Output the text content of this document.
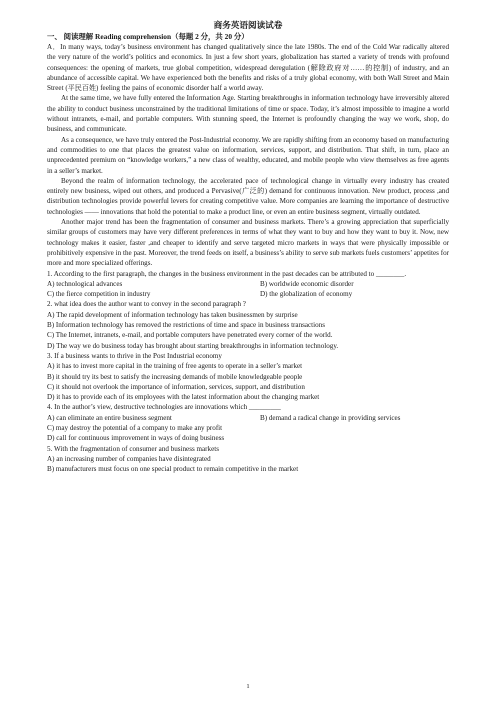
商务英语阅读试卷
一、 阅读理解 Reading comprehension（每题 2 分，共 20 分）

A．In many ways, today’s business environment has changed qualitatively since the late 1980s. The end of the Cold War radically altered the very nature of the world’s politics and economics. In just a few short years, globalization has started a variety of trends with profound consequences: the opening of markets, true global competition, widespread deregulation (解除政府对……的控制) of industry, and an abundance of accessible capital. We have experienced both the benefits and risks of a truly global economy, with both Wall Street and Main Street (平民百姓) feeling the pains of economic disorder half a world away.

At the same time, we have fully entered the Information Age. Starting breakthroughs in information technology have irreversibly altered the ability to conduct business unconstrained by the traditional limitations of time or space. Today, it’s almost impossible to imagine a world without intranets, e-mail, and portable computers. With stunning speed, the Internet is profoundly changing the way we work, shop, do business, and communicate.

As a consequence, we have truly entered the Post-Industrial economy. We are rapidly shifting from an economy based on manufacturing and commodities to one that places the greatest value on information, services, support, and distribution. That shift, in turn, place an unprecedented premium on “knowledge workers,” a new class of wealthy, educated, and mobile people who view themselves as free agents in a seller’s market.

Beyond the realm of information technology, the accelerated pace of technological change in virtually every industry has created entirely new business, wiped out others, and produced a Pervasive(广泛的) demand for continuous innovation. New product, process ,and distribution technologies provide powerful levers for creating competitive value. More companies are learning the importance of destructive technologies —— innovations that hold the potential to make a product line, or even an entire business segment, virtually outdated.

Another major trend has been the fragmentation of consumer and business markets. There’s a growing appreciation that superficially similar groups of customers may have very different preferences in terms of what they want to buy and how they want to buy it. Now, new technology makes it easier, faster ,and cheaper to identify and serve targeted micro markets in ways that were physically impossible or prohibitively expensive in the past. Moreover, the trend feeds on itself, a business’s ability to serve sub markets fuels customers’ appetites for more and more specialized offerings.

1. According to the first paragraph, the changes in the business environment in the past decades can be attributed to ________.

A) technological advances	B) worldwide economic disorder
C) the fierce competition in industry	D) the globalization of economy

2. what idea does the author want to convey in the second paragraph ?

A) The rapid development of information technology has taken businessmen by surprise

B) Information technology has removed the restrictions of time and space in business transactions

C) The Internet, intranets, e-mail, and portable computers have penetrated every corner of the world.

D) The way we do business today has brought about starting breakthroughs in information technology.

3. If a business wants to thrive in the Post Industrial economy

A) it has to invest more capital in the training of free agents to operate in a seller’s market

B) it should try its best to satisfy the increasing demands of mobile knowledgeable people

C) it should not overlook the importance of information, services, support, and distribution

D) it has to provide each of its employees with the latest information about the changing market

4. In the author’s view, destructive technologies are innovations which _________

A) can eliminate an entire business segment	B) demand a radical change in providing services

C) may destroy the potential of a company to make any profit

D) call for continuous improvement in ways of doing business

5. With the fragmentation of consumer and business markets

A) an increasing number of companies have disintegrated

B) manufacturers must focus on one special product to remain competitive in the market

1
